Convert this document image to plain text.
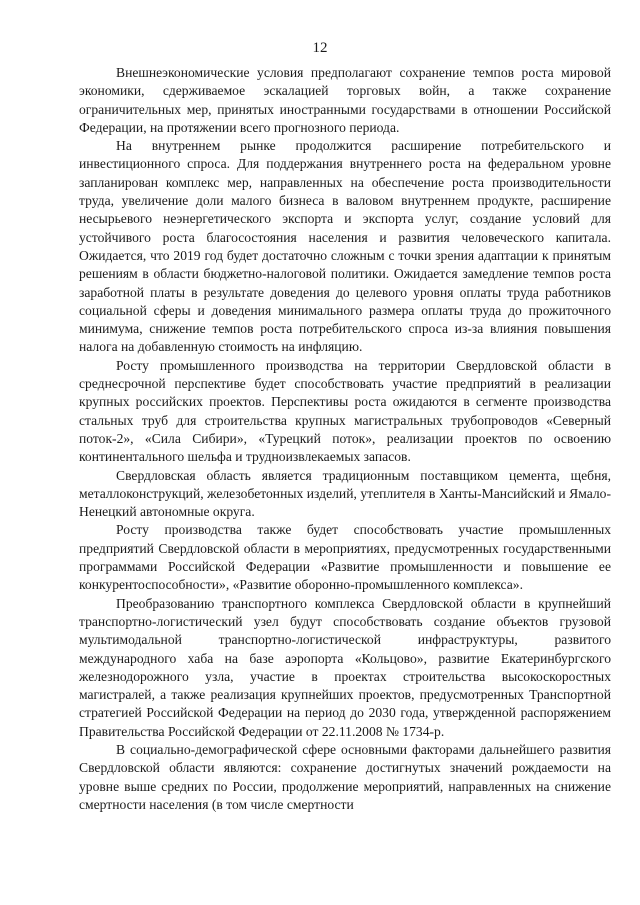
12

Внешнеэкономические условия предполагают сохранение темпов роста мировой экономики, сдерживаемое эскалацией торговых войн, а также сохранение ограничительных мер, принятых иностранными государствами в отношении Российской Федерации, на протяжении всего прогнозного периода.

На внутреннем рынке продолжится расширение потребительского и инвестиционного спроса. Для поддержания внутреннего роста на федеральном уровне запланирован комплекс мер, направленных на обеспечение роста производительности труда, увеличение доли малого бизнеса в валовом внутреннем продукте, расширение несырьевого неэнергетического экспорта и экспорта услуг, создание условий для устойчивого роста благосостояния населения и развития человеческого капитала. Ожидается, что 2019 год будет достаточно сложным с точки зрения адаптации к принятым решениям в области бюджетно-налоговой политики. Ожидается замедление темпов роста заработной платы в результате доведения до целевого уровня оплаты труда работников социальной сферы и доведения минимального размера оплаты труда до прожиточного минимума, снижение темпов роста потребительского спроса из-за влияния повышения налога на добавленную стоимость на инфляцию.

Росту промышленного производства на территории Свердловской области в среднесрочной перспективе будет способствовать участие предприятий в реализации крупных российских проектов. Перспективы роста ожидаются в сегменте производства стальных труб для строительства крупных магистральных трубопроводов «Северный поток-2», «Сила Сибири», «Турецкий поток», реализации проектов по освоению континентального шельфа и трудноизвлекаемых запасов.

Свердловская область является традиционным поставщиком цемента, щебня, металлоконструкций, железобетонных изделий, утеплителя в Ханты-Мансийский и Ямало-Ненецкий автономные округа.

Росту производства также будет способствовать участие промышленных предприятий Свердловской области в мероприятиях, предусмотренных государственными программами Российской Федерации «Развитие промышленности и повышение ее конкурентоспособности», «Развитие оборонно-промышленного комплекса».

Преобразованию транспортного комплекса Свердловской области в крупнейший транспортно-логистический узел будут способствовать создание объектов грузовой мультимодальной транспортно-логистической инфраструктуры, развитого международного хаба на базе аэропорта «Кольцово», развитие Екатеринбургского железнодорожного узла, участие в проектах строительства высокоскоростных магистралей, а также реализация крупнейших проектов, предусмотренных Транспортной стратегией Российской Федерации на период до 2030 года, утвержденной распоряжением Правительства Российской Федерации от 22.11.2008 № 1734-р.

В социально-демографической сфере основными факторами дальнейшего развития Свердловской области являются: сохранение достигнутых значений рождаемости на уровне выше средних по России, продолжение мероприятий, направленных на снижение смертности населения (в том числе смертности
